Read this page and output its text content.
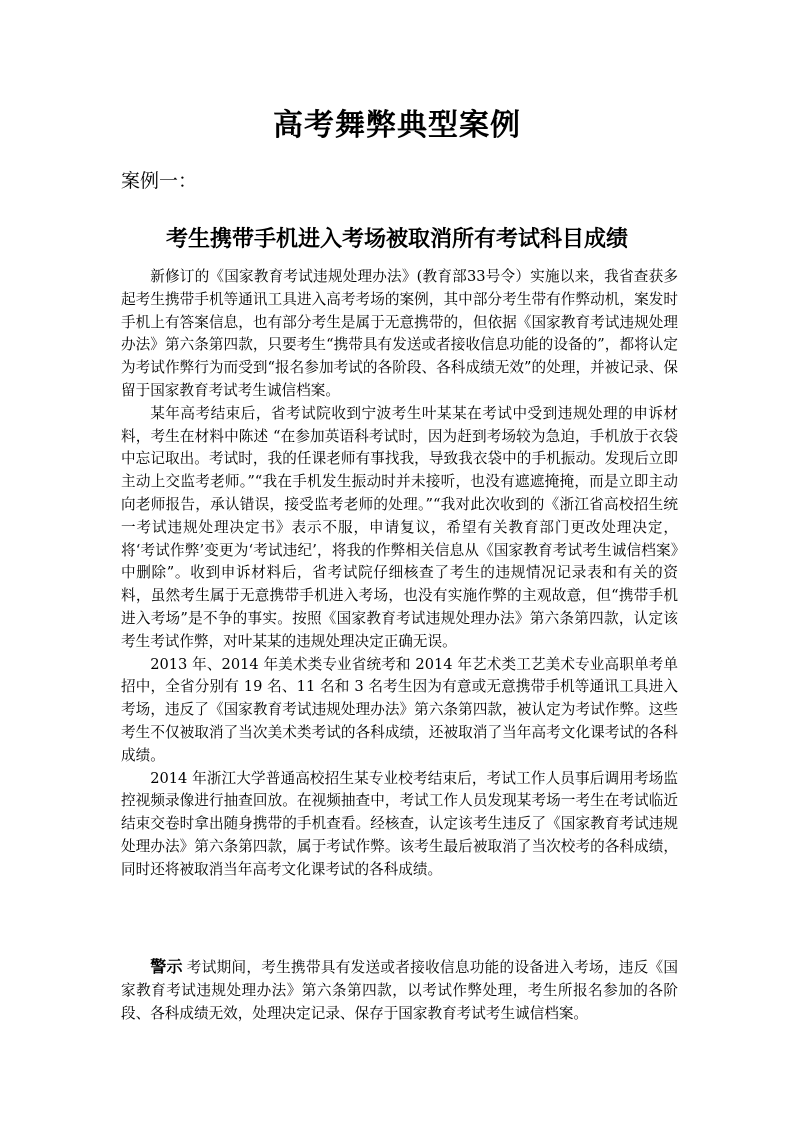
高考舞弊典型案例
案例一：
考生携带手机进入考场被取消所有考试科目成绩

新修订的《国家教育考试违规处理办法》(教育部33号令）实施以来，我省查获多起考生携带手机等通讯工具进入高考考场的案例，其中部分考生带有作弊动机，案发时手机上有答案信息，也有部分考生是属于无意携带的，但依据《国家教育考试违规处理办法》第六条第四款，只要考生“携带具有发送或者接收信息功能的设备的”，都将认定为考试作弊行为而受到“报名参加考试的各阶段、各科成绩无效”的处理，并被记录、保留于国家教育考试考生诚信档案。

某年高考结束后，省考试院收到宁波考生叶某某在考试中受到违规处理的申诉材料，考生在材料中陈述 “在参加英语科考试时，因为赶到考场较为急迫，手机放于衣袋中忘记取出。考试时，我的任课老师有事找我，导致我衣袋中的手机振动。发现后立即主动上交监考老师。”“我在手机发生振动时并未接听，也没有遮遮掩掩，而是立即主动向老师报告，承认错误，接受监考老师的处理。”“我对此次收到的《浙江省高校招生统一考试违规处理决定书》表示不服，申请复议，希望有关教育部门更改处理决定，将‘考试作弊’变更为‘考试违纪’，将我的作弊相关信息从《国家教育考试考生诚信档案》中删除”。收到申诉材料后，省考试院仔细核查了考生的违规情况记录表和有关的资料，虽然考生属于无意携带手机进入考场，也没有实施作弊的主观故意，但“携带手机进入考场”是不争的事实。按照《国家教育考试违规处理办法》第六条第四款，认定该考生考试作弊，对叶某某的违规处理决定正确无误。

2013 年、2014 年美术类专业省统考和 2014 年艺术类工艺美术专业高职单考单招中，全省分别有 19 名、11 名和 3 名考生因为有意或无意携带手机等通讯工具进入考场，违反了《国家教育考试违规处理办法》第六条第四款，被认定为考试作弊。这些考生不仅被取消了当次美术类考试的各科成绩，还被取消了当年高考文化课考试的各科成绩。

2014 年浙江大学普通高校招生某专业校考结束后，考试工作人员事后调用考场监控视频录像进行抽查回放。在视频抽查中，考试工作人员发现某考场一考生在考试临近结束交卷时拿出随身携带的手机查看。经核查，认定该考生违反了《国家教育考试违规处理办法》第六条第四款，属于考试作弊。该考生最后被取消了当次校考的各科成绩，同时还将被取消当年高考文化课考试的各科成绩。

警示 考试期间，考生携带具有发送或者接收信息功能的设备进入考场，违反《国家教育考试违规处理办法》第六条第四款，以考试作弊处理，考生所报名参加的各阶段、各科成绩无效，处理决定记录、保存于国家教育考试考生诚信档案。
